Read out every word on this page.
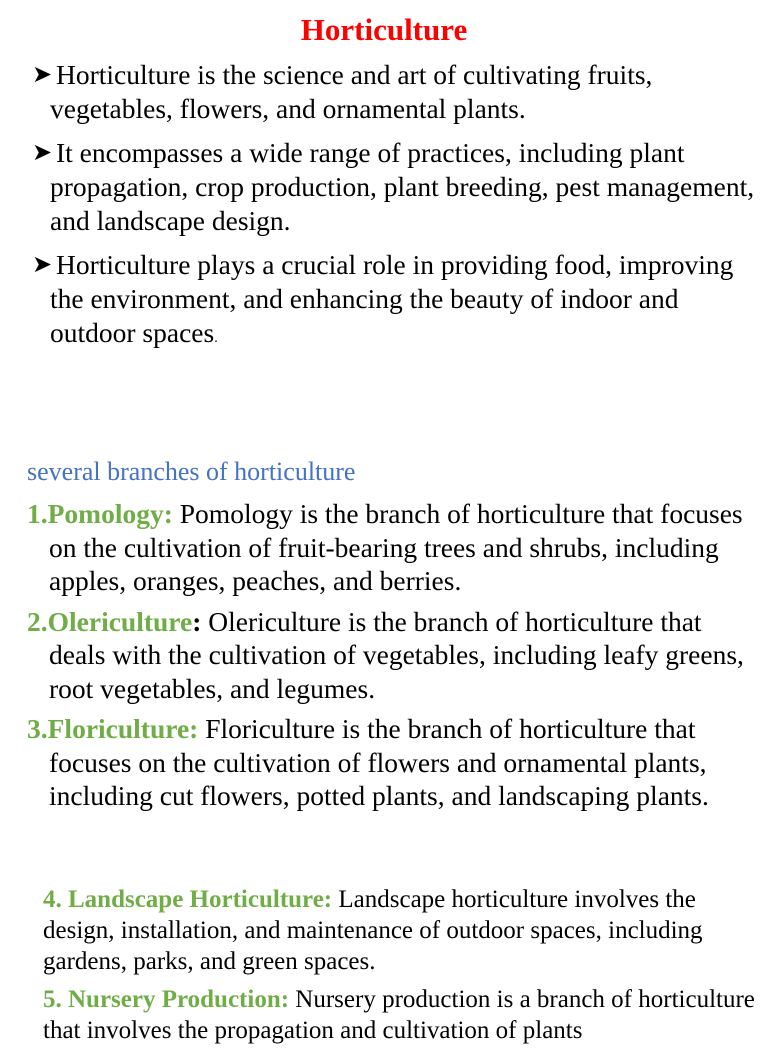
Horticulture
➤ Horticulture is the science and art of cultivating fruits, vegetables, flowers, and ornamental plants.
➤ It encompasses a wide range of practices, including plant propagation, crop production, plant breeding, pest management, and landscape design.
➤ Horticulture plays a crucial role in providing food, improving the environment, and enhancing the beauty of indoor and outdoor spaces.
several branches of horticulture
1.Pomology: Pomology is the branch of horticulture that focuses on the cultivation of fruit-bearing trees and shrubs, including apples, oranges, peaches, and berries.
2.Olericulture: Olericulture is the branch of horticulture that deals with the cultivation of vegetables, including leafy greens, root vegetables, and legumes.
3.Floriculture: Floriculture is the branch of horticulture that focuses on the cultivation of flowers and ornamental plants, including cut flowers, potted plants, and landscaping plants.
4. Landscape Horticulture: Landscape horticulture involves the design, installation, and maintenance of outdoor spaces, including gardens, parks, and green spaces.
5. Nursery Production: Nursery production is a branch of horticulture that involves the propagation and cultivation of plants
